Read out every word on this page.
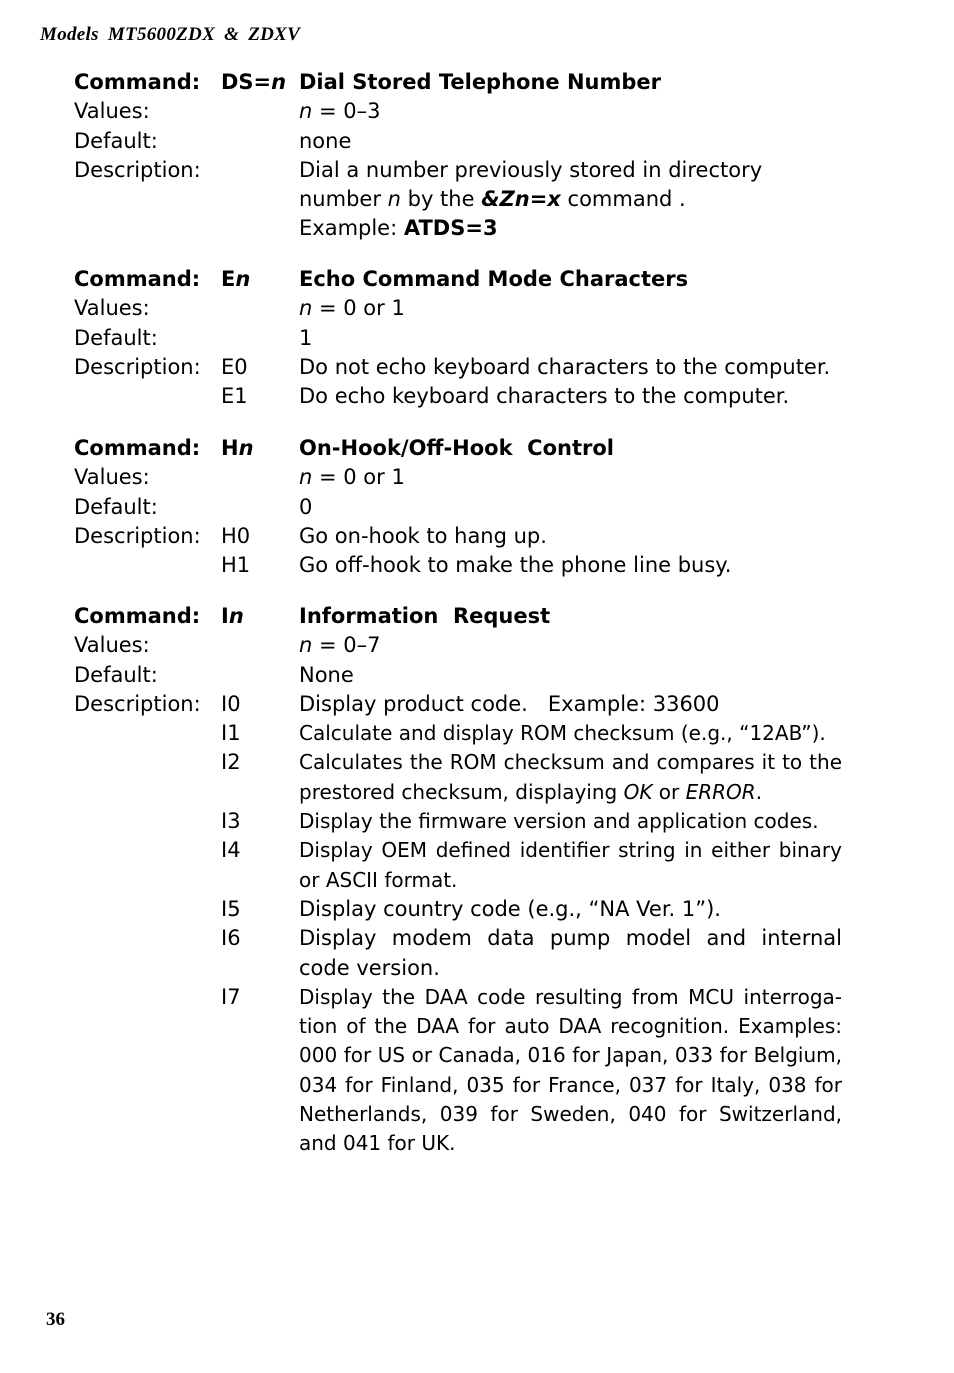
Models MT5600ZDX & ZDXV
Command: DS=n Dial Stored Telephone Number
Values:	n = 0–3
Default:	none
Description:	Dial a number previously stored in directory number n by the &Zn=x command .
Example: ATDS=3
Command: En Echo Command Mode Characters
Values:	n = 0 or 1
Default:	1
Description: E0 Do not echo keyboard characters to the computer.
E1 Do echo keyboard characters to the computer.
Command: Hn On-Hook/Off-Hook  Control
Values:	n = 0 or 1
Default:	0
Description: H0 Go on-hook to hang up.
H1 Go off-hook to make the phone line busy.
Command: In	Information  Request
Values:	n = 0–7
Default:	None
Description: I0	Display product code.   Example: 33600
I1	Calculate and display ROM checksum (e.g., “12AB”).
I2	Calculates the ROM checksum and compares it to the prestored checksum, displaying OK or ERROR.
I3	Display the firmware version and application codes.
I4	Display OEM defined identifier string in either binary or ASCII format.
I5	Display country code (e.g., “NA Ver. 1”).
I6	Display modem data pump model and internal code version.
I7	Display the DAA code resulting from MCU interroga-tion of the DAA for auto DAA recognition. Examples: 000 for US or Canada, 016 for Japan, 033 for Belgium, 034 for Finland, 035 for France, 037 for Italy, 038 for Netherlands, 039 for Sweden, 040 for Switzerland, and 041 for UK.
36
